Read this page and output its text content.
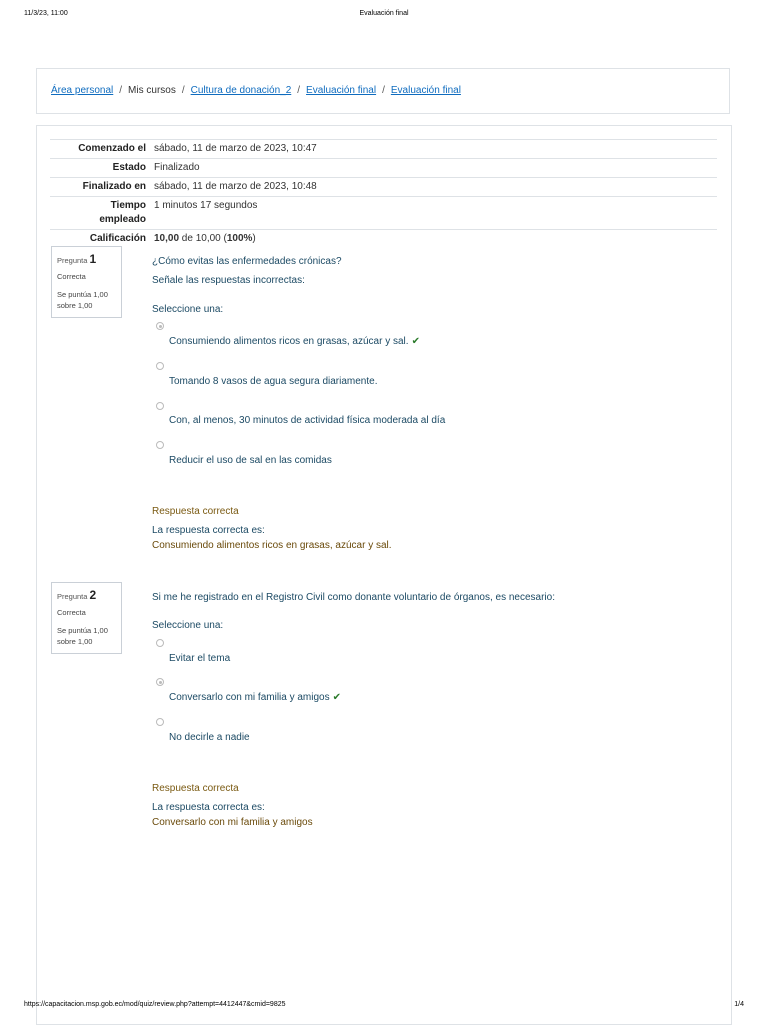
11/3/23, 11:00	Evaluación final
Área personal / Mis cursos / Cultura de donación_2 / Evaluación final / Evaluación final
Comenzado el	sábado, 11 de marzo de 2023, 10:47
Estado	Finalizado
Finalizado en	sábado, 11 de marzo de 2023, 10:48
Tiempo
empleado	1 minutos 17 segundos
Calificación	10,00 de 10,00 (100%)
Pregunta 1
Correcta
Se puntúa 1,00
sobre 1,00
¿Cómo evitas las enfermedades crónicas?
Señale las respuestas incorrectas:
Seleccione una:
Consumiendo alimentos ricos en grasas, azúcar y sal. ✔
Tomando 8 vasos de agua segura diariamente.
Con, al menos, 30 minutos de actividad física moderada al día
Reducir el uso de sal en las comidas
Respuesta correcta
La respuesta correcta es:
Consumiendo alimentos ricos en grasas, azúcar y sal.
Pregunta 2
Correcta
Se puntúa 1,00
sobre 1,00
Si me he registrado en el Registro Civil como donante voluntario de órganos, es necesario:
Seleccione una:
Evitar el tema
Conversarlo con mi familia y amigos ✔
No decirle a nadie
Respuesta correcta
La respuesta correcta es:
Conversarlo con mi familia y amigos
https://capacitacion.msp.gob.ec/mod/quiz/review.php?attempt=4412447&cmid=9825	1/4
